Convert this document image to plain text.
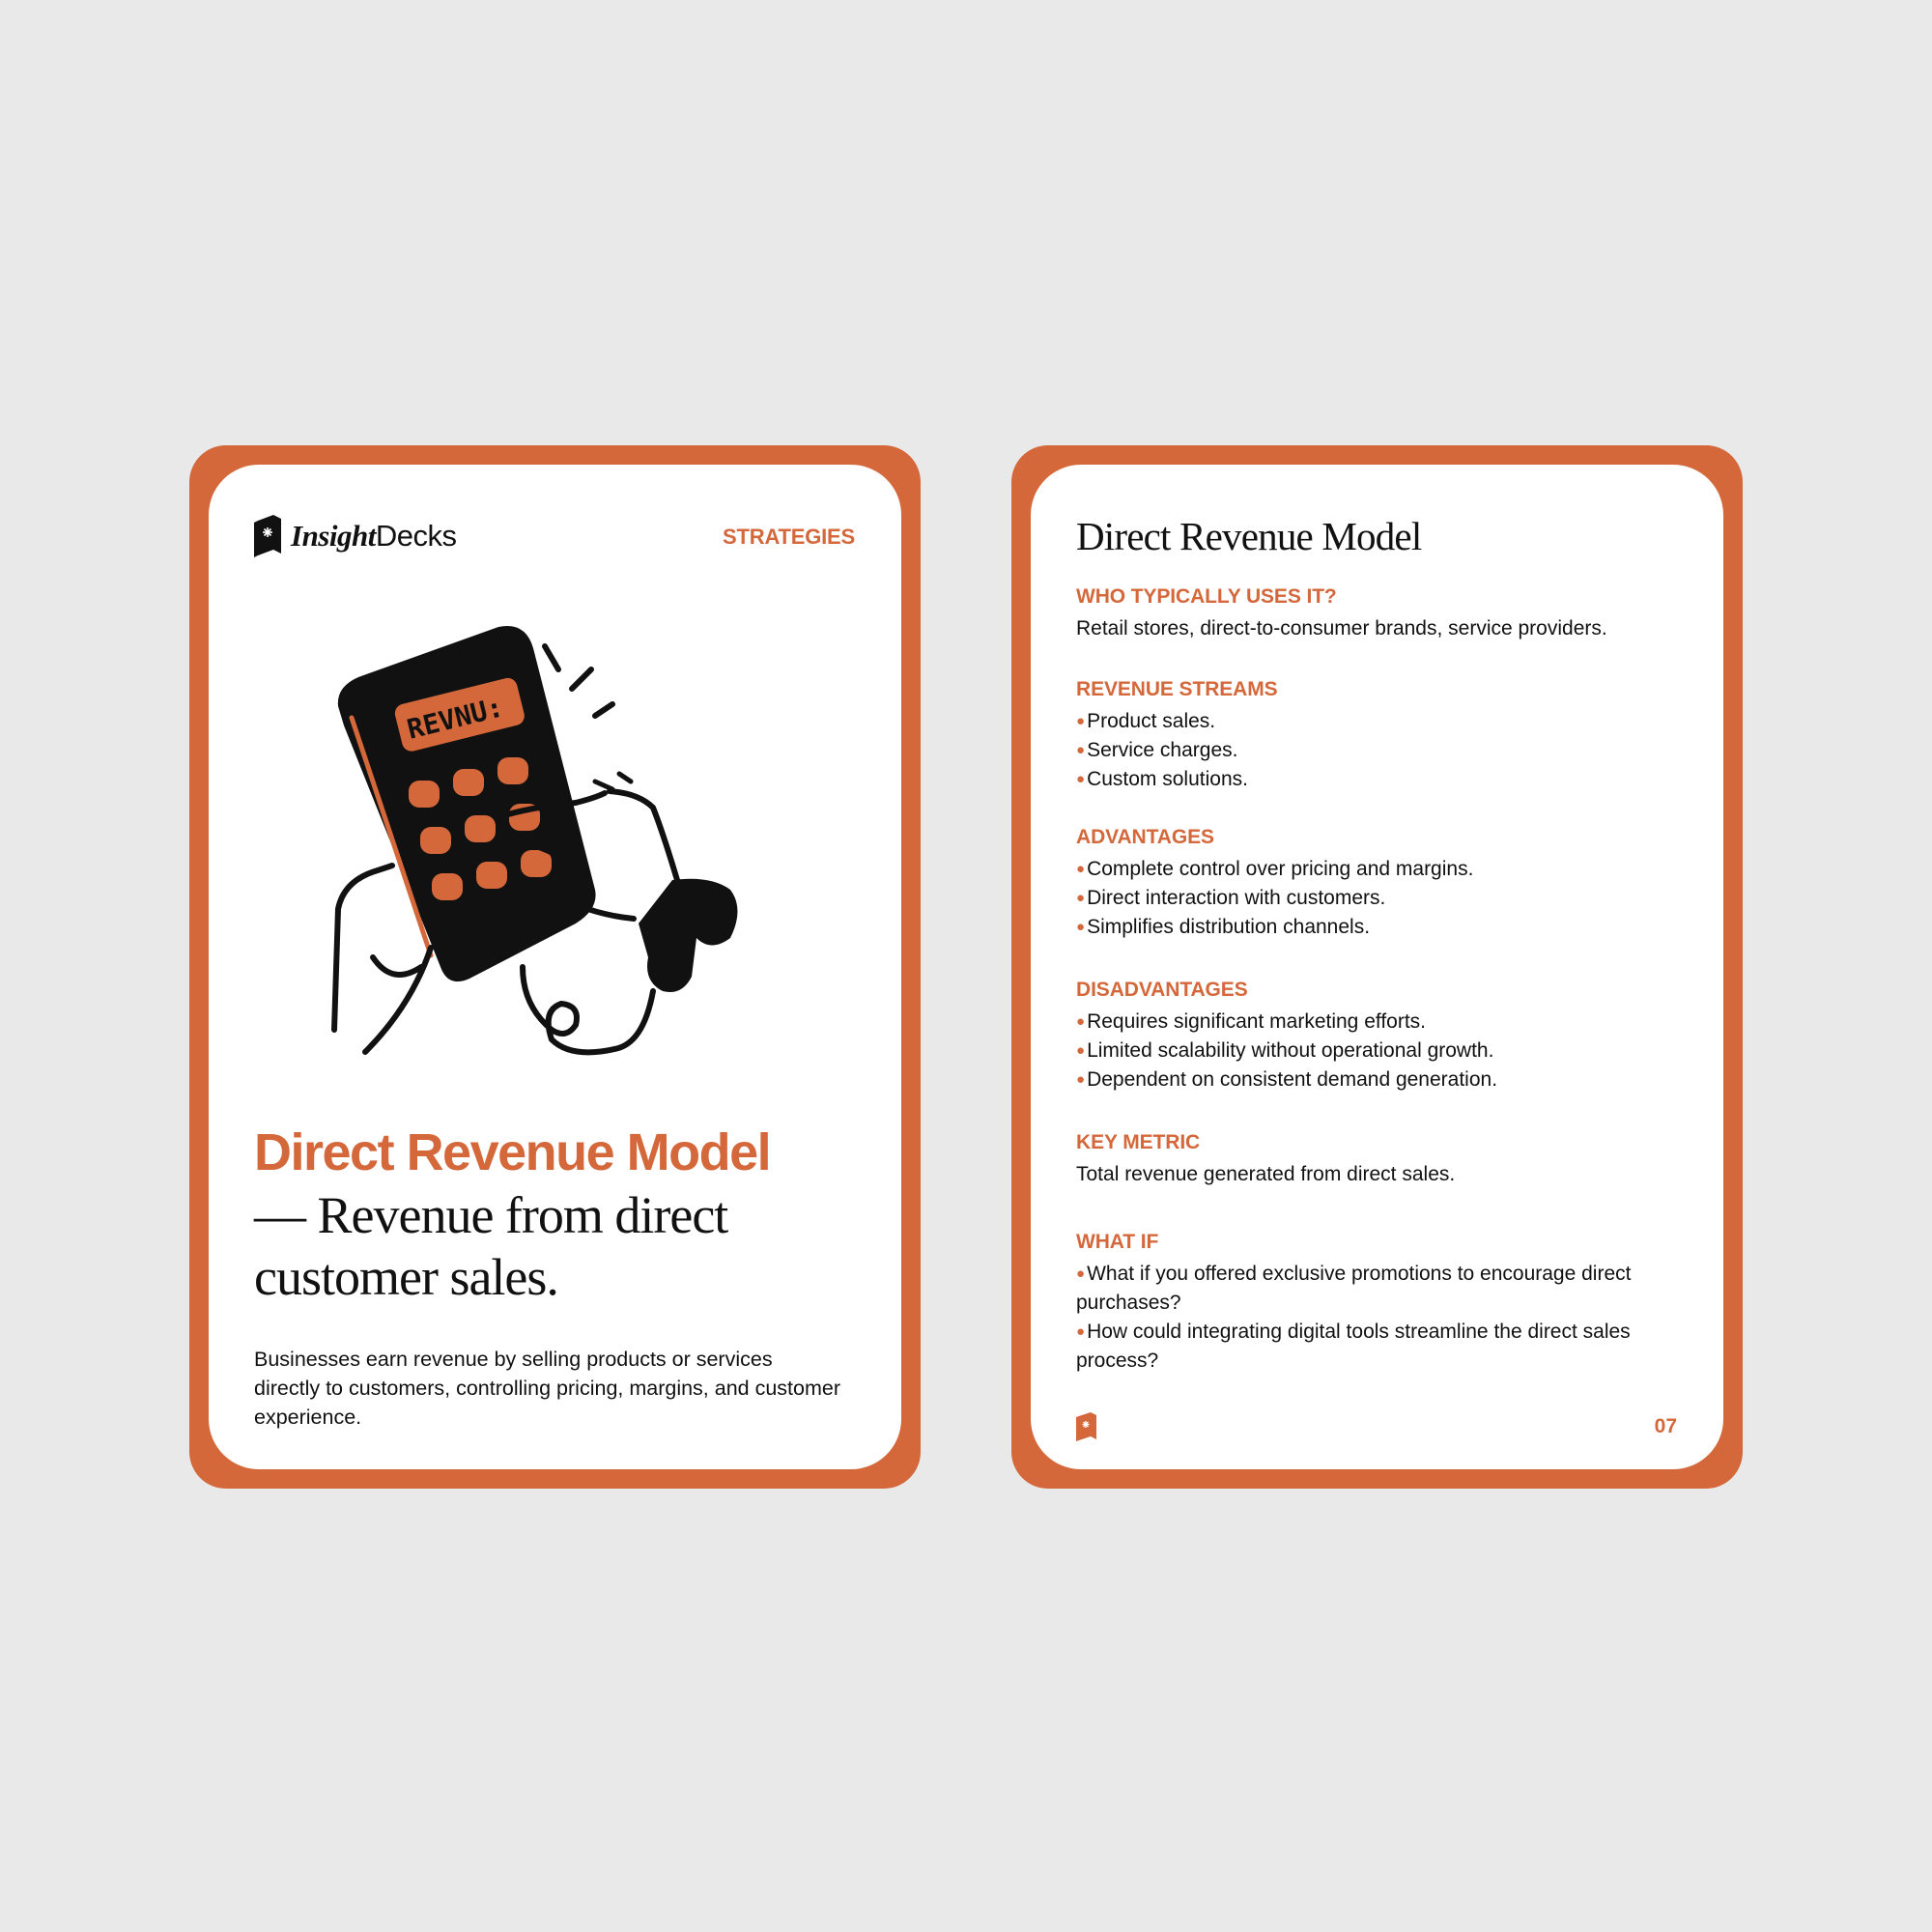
InsightDecks	STRATEGIES
REVNU:
Direct Revenue Model
— Revenue from direct
customer sales.
Businesses earn revenue by selling products or services directly to customers, controlling pricing, margins, and customer experience.
Direct Revenue Model
WHO TYPICALLY USES IT?
Retail stores, direct-to-consumer brands, service providers.
REVENUE STREAMS
●Product sales.
●Service charges.
●Custom solutions.
ADVANTAGES
●Complete control over pricing and margins.
●Direct interaction with customers.
●Simplifies distribution channels.
DISADVANTAGES
●Requires significant marketing efforts.
●Limited scalability without operational growth.
●Dependent on consistent demand generation.
KEY METRIC
Total revenue generated from direct sales.
WHAT IF
●What if you offered exclusive promotions to encourage direct purchases?
●How could integrating digital tools streamline the direct sales process?
07
